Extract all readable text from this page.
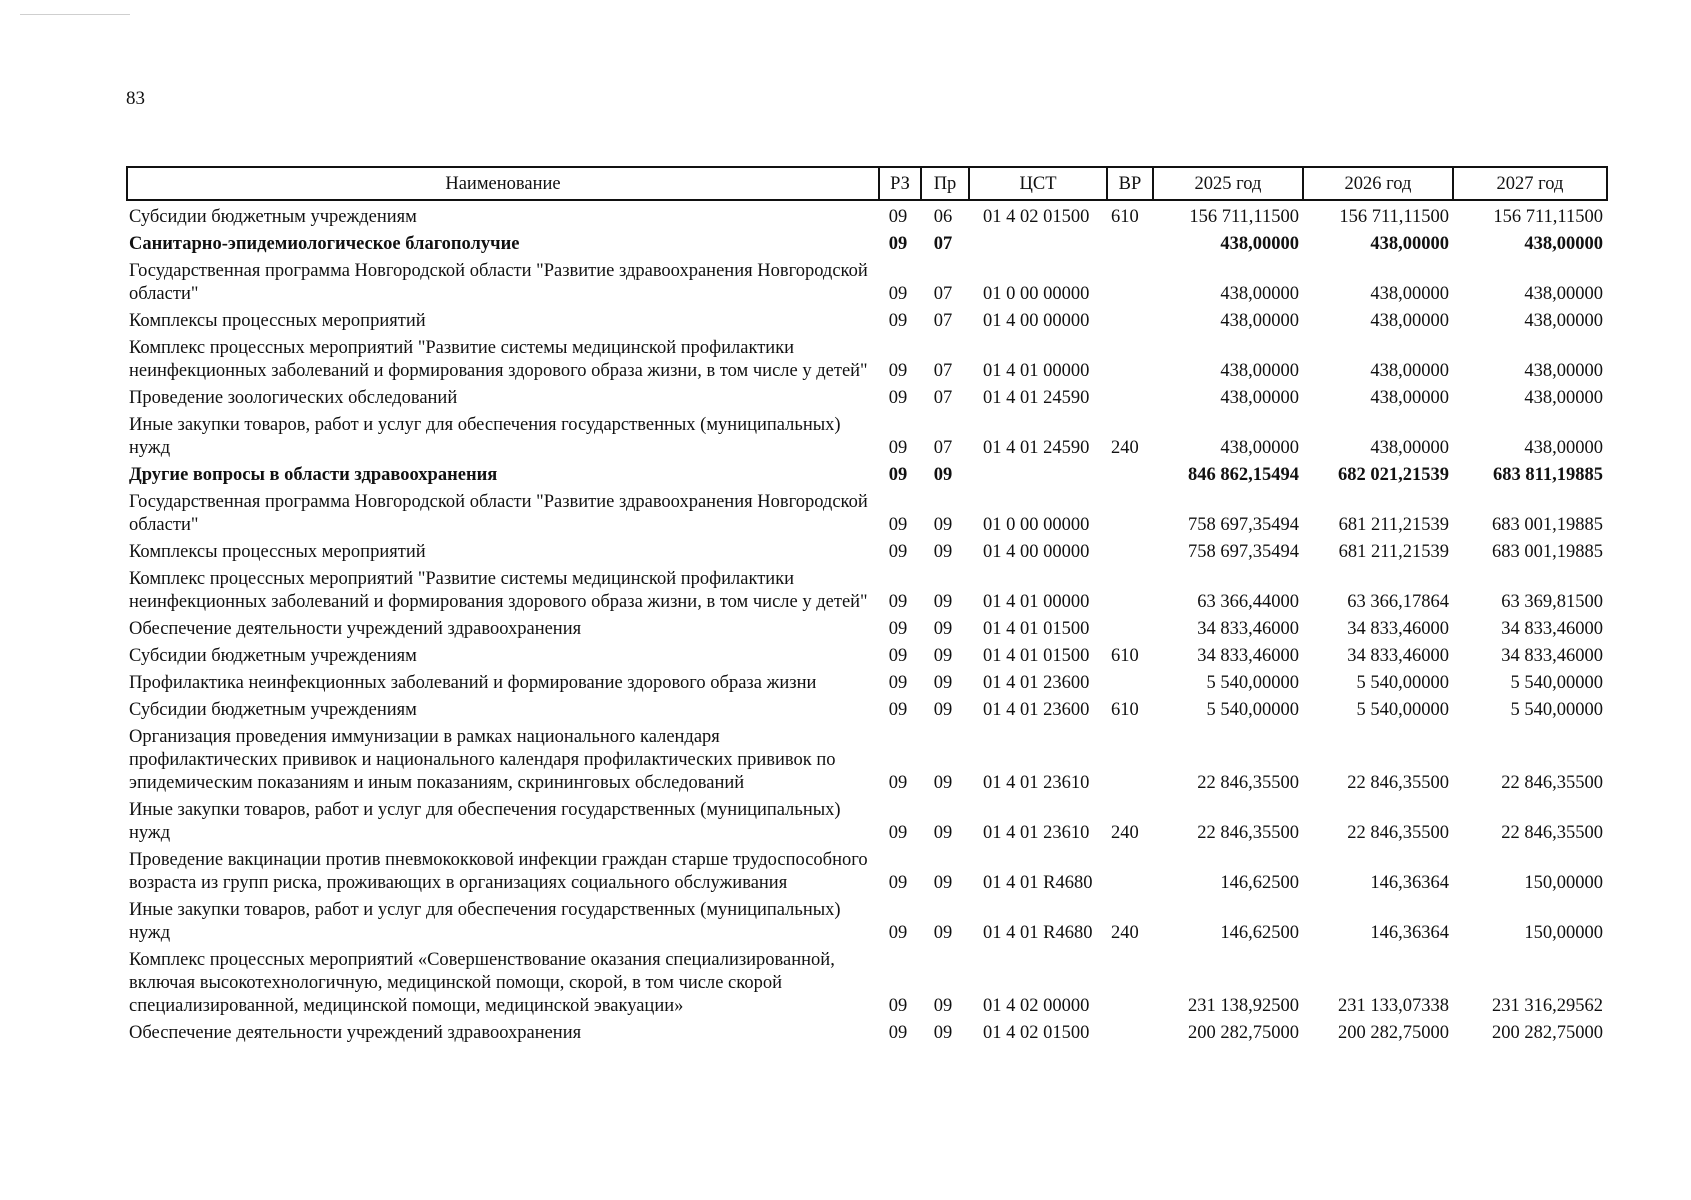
83
Наименование	РЗ	Пр	ЦСТ	ВР	2025 год	2026 год	2027 год
Субсидии бюджетным учреждениям	09	06	01 4 02 01500	610	156 711,11500	156 711,11500	156 711,11500
Санитарно-эпидемиологическое благополучие	09	07			438,00000	438,00000	438,00000
Государственная программа Новгородской области "Развитие здравоохранения Новгородской области"	09	07	01 0 00 00000		438,00000	438,00000	438,00000
Комплексы процессных мероприятий	09	07	01 4 00 00000		438,00000	438,00000	438,00000
Комплекс процессных мероприятий "Развитие системы медицинской профилактики неинфекционных заболеваний и формирования здорового образа жизни, в том числе у детей"	09	07	01 4 01 00000		438,00000	438,00000	438,00000
Проведение зоологических обследований	09	07	01 4 01 24590		438,00000	438,00000	438,00000
Иные закупки товаров, работ и услуг для обеспечения государственных (муниципальных) нужд	09	07	01 4 01 24590	240	438,00000	438,00000	438,00000
Другие вопросы в области здравоохранения	09	09			846 862,15494	682 021,21539	683 811,19885
Государственная программа Новгородской области "Развитие здравоохранения Новгородской области"	09	09	01 0 00 00000		758 697,35494	681 211,21539	683 001,19885
Комплексы процессных мероприятий	09	09	01 4 00 00000		758 697,35494	681 211,21539	683 001,19885
Комплекс процессных мероприятий "Развитие системы медицинской профилактики неинфекционных заболеваний и формирования здорового образа жизни, в том числе у детей"	09	09	01 4 01 00000		63 366,44000	63 366,17864	63 369,81500
Обеспечение деятельности учреждений здравоохранения	09	09	01 4 01 01500		34 833,46000	34 833,46000	34 833,46000
Субсидии бюджетным учреждениям	09	09	01 4 01 01500	610	34 833,46000	34 833,46000	34 833,46000
Профилактика неинфекционных заболеваний и формирование здорового образа жизни	09	09	01 4 01 23600		5 540,00000	5 540,00000	5 540,00000
Субсидии бюджетным учреждениям	09	09	01 4 01 23600	610	5 540,00000	5 540,00000	5 540,00000
Организация проведения иммунизации в рамках национального календаря профилактических прививок и национального календаря профилактических прививок по эпидемическим показаниям и иным показаниям, скрининговых обследований	09	09	01 4 01 23610		22 846,35500	22 846,35500	22 846,35500
Иные закупки товаров, работ и услуг для обеспечения государственных (муниципальных) нужд	09	09	01 4 01 23610	240	22 846,35500	22 846,35500	22 846,35500
Проведение вакцинации против пневмококковой инфекции граждан старше трудоспособного возраста из групп риска, проживающих в организациях социального обслуживания	09	09	01 4 01 R4680		146,62500	146,36364	150,00000
Иные закупки товаров, работ и услуг для обеспечения государственных (муниципальных) нужд	09	09	01 4 01 R4680	240	146,62500	146,36364	150,00000
Комплекс процессных мероприятий «Совершенствование оказания специализированной, включая высокотехнологичную, медицинской помощи, скорой, в том числе скорой специализированной, медицинской помощи, медицинской эвакуации»	09	09	01 4 02 00000		231 138,92500	231 133,07338	231 316,29562
Обеспечение деятельности учреждений здравоохранения	09	09	01 4 02 01500		200 282,75000	200 282,75000	200 282,75000
